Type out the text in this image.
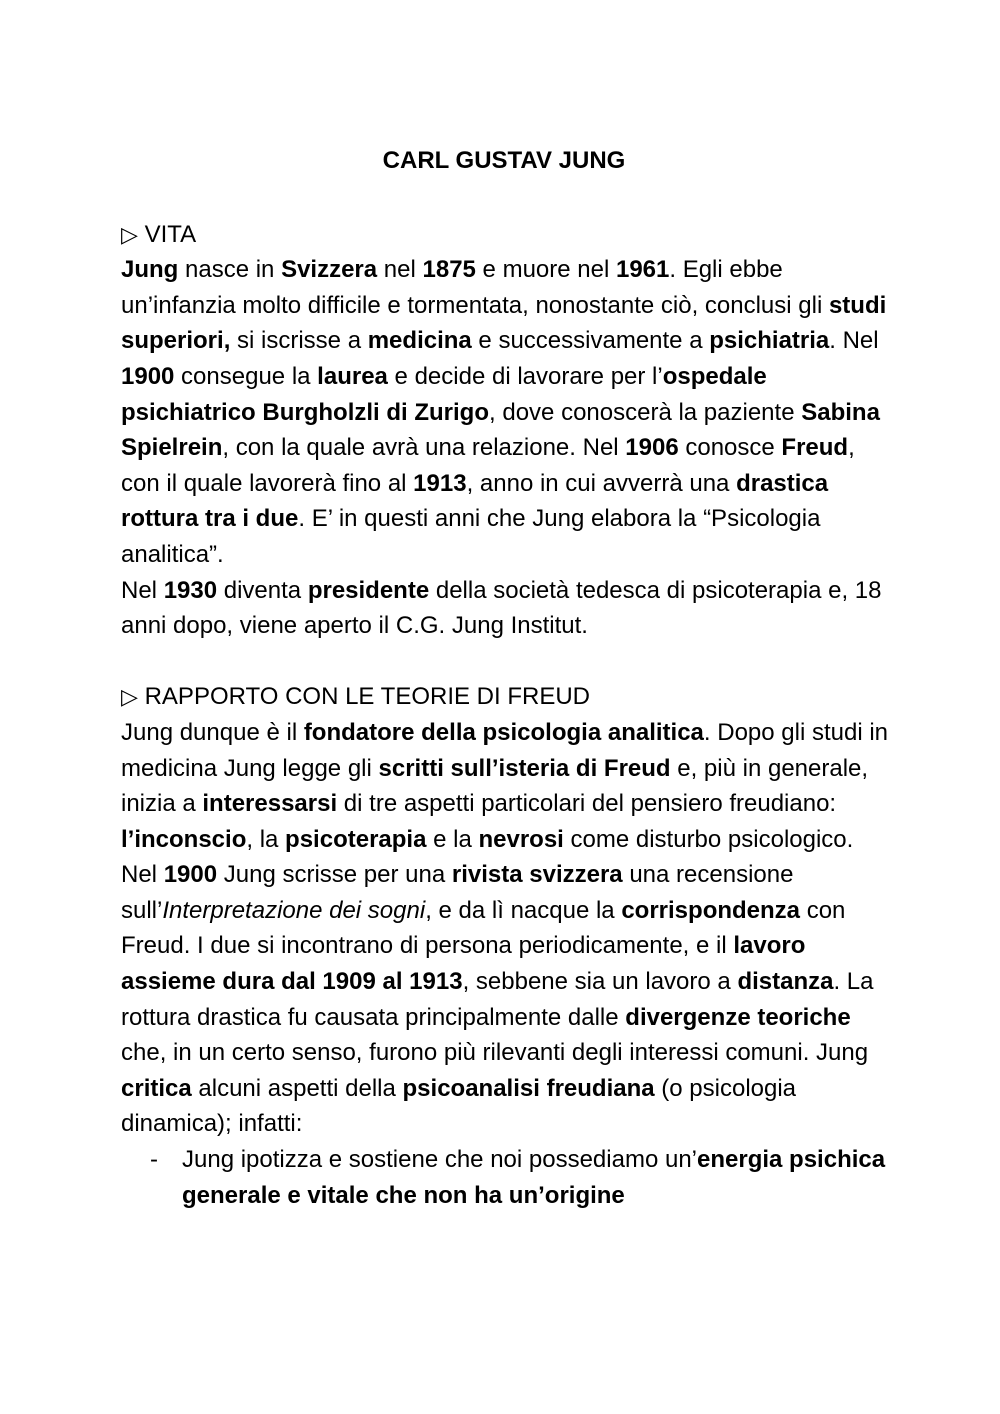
CARL GUSTAV JUNG

▷ VITA

Jung nasce in Svizzera nel 1875 e muore nel 1961. Egli ebbe un’infanzia molto difficile e tormentata, nonostante ciò, conclusi gli studi superiori, si iscrisse a medicina e successivamente a psichiatria. Nel 1900 consegue la laurea e decide di lavorare per l’ospedale psichiatrico Burgholzli di Zurigo, dove conoscerà la paziente Sabina Spielrein, con la quale avrà una relazione. Nel 1906 conosce Freud, con il quale lavorerà fino al 1913, anno in cui avverrà una drastica rottura tra i due. E’ in questi anni che Jung elabora la “Psicologia analitica”.

Nel 1930 diventa presidente della società tedesca di psicoterapia e, 18 anni dopo, viene aperto il C.G. Jung Institut.

▷ RAPPORTO CON LE TEORIE DI FREUD

Jung dunque è il fondatore della psicologia analitica. Dopo gli studi in medicina Jung legge gli scritti sull’isteria di Freud e, più in generale, inizia a interessarsi di tre aspetti particolari del pensiero freudiano: l’inconscio, la psicoterapia e la nevrosi come disturbo psicologico.

Nel 1900 Jung scrisse per una rivista svizzera una recensione sull’Interpretazione dei sogni, e da lì nacque la corrispondenza con Freud. I due si incontrano di persona periodicamente, e il lavoro assieme dura dal 1909 al 1913, sebbene sia un lavoro a distanza. La rottura drastica fu causata principalmente dalle divergenze teoriche che, in un certo senso, furono più rilevanti degli interessi comuni. Jung critica alcuni aspetti della psicoanalisi freudiana (o psicologia dinamica); infatti:

- Jung ipotizza e sostiene che noi possediamo un’energia psichica generale e vitale che non ha un’origine
